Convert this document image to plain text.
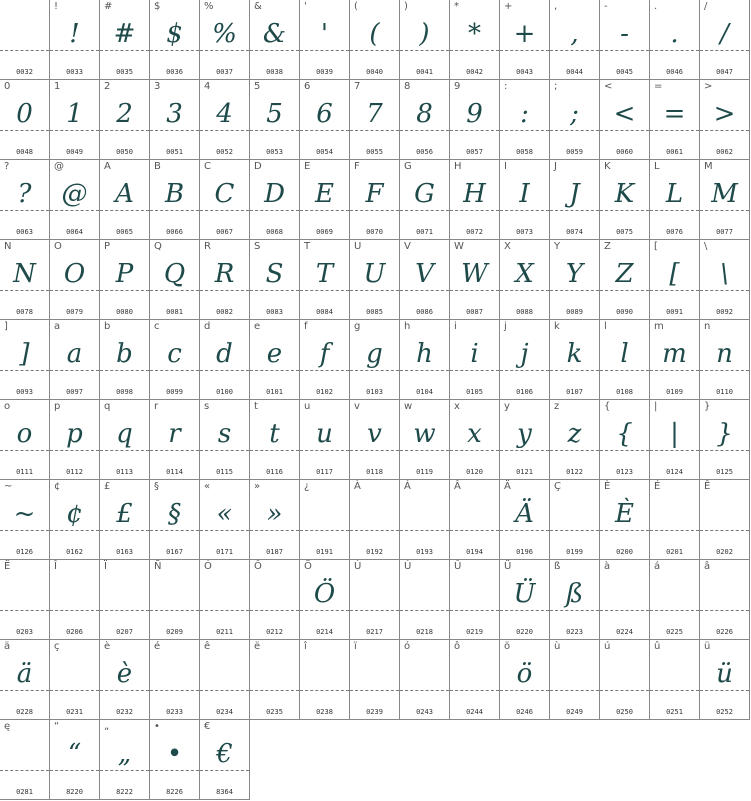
0032
!
!
0033
#
#
0035
$
$
0036
%
%
0037
&
&
0038
'
'
0039
(
(
0040
)
)
0041
*
*
0042
+
+
0043
,
,
0044
-
-
0045
.
.
0046
/
/
0047
0
0
0048
1
1
0049
2
2
0050
3
3
0051
4
4
0052
5
5
0053
6
6
0054
7
7
0055
8
8
0056
9
9
0057
:
:
0058
;
;
0059
<
<
0060
=
=
0061
>
>
0062
?
?
0063
@
@
0064
A
A
0065
B
B
0066
C
C
0067
D
D
0068
E
E
0069
F
F
0070
G
G
0071
H
H
0072
I
I
0073
J
J
0074
K
K
0075
L
L
0076
M
M
0077
N
N
0078
O
O
0079
P
P
0080
Q
Q
0081
R
R
0082
S
S
0083
T
T
0084
U
U
0085
V
V
0086
W
W
0087
X
X
0088
Y
Y
0089
Z
Z
0090
[
[
0091
\
\
0092
]
]
0093
a
a
0097
b
b
0098
c
c
0099
d
d
0100
e
e
0101
f
f
0102
g
g
0103
h
h
0104
i
i
0105
j
j
0106
k
k
0107
l
l
0108
m
m
0109
n
n
0110
o
o
0111
p
p
0112
q
q
0113
r
r
0114
s
s
0115
t
t
0116
u
u
0117
v
v
0118
w
w
0119
x
x
0120
y
y
0121
z
z
0122
{
{
0123
|
|
0124
}
}
0125
~
~
0126
¢
¢
0162
£
£
0163
§
§
0167
«
«
0171
»
»
0187
¿
0191
À
0192
Á
0193
Â
0194
Ä
Ä
0196
Ç
0199
È
È
0200
É
0201
Ê
0202
Ë
0203
Î
0206
Ï
0207
Ñ
0209
Ó
0211
Ô
0212
Ö
Ö
0214
Ù
0217
Ú
0218
Û
0219
Ü
Ü
0220
ß
ß
0223
à
0224
á
0225
â
0226
ä
ä
0228
ç
0231
è
è
0232
é
0233
ê
0234
ë
0235
î
0238
ï
0239
ó
0243
ô
0244
ö
ö
0246
ù
0249
ú
0250
û
0251
ü
ü
0252
ę
0281
“
“
8220
„
„
8222
•
•
8226
€
€
8364
